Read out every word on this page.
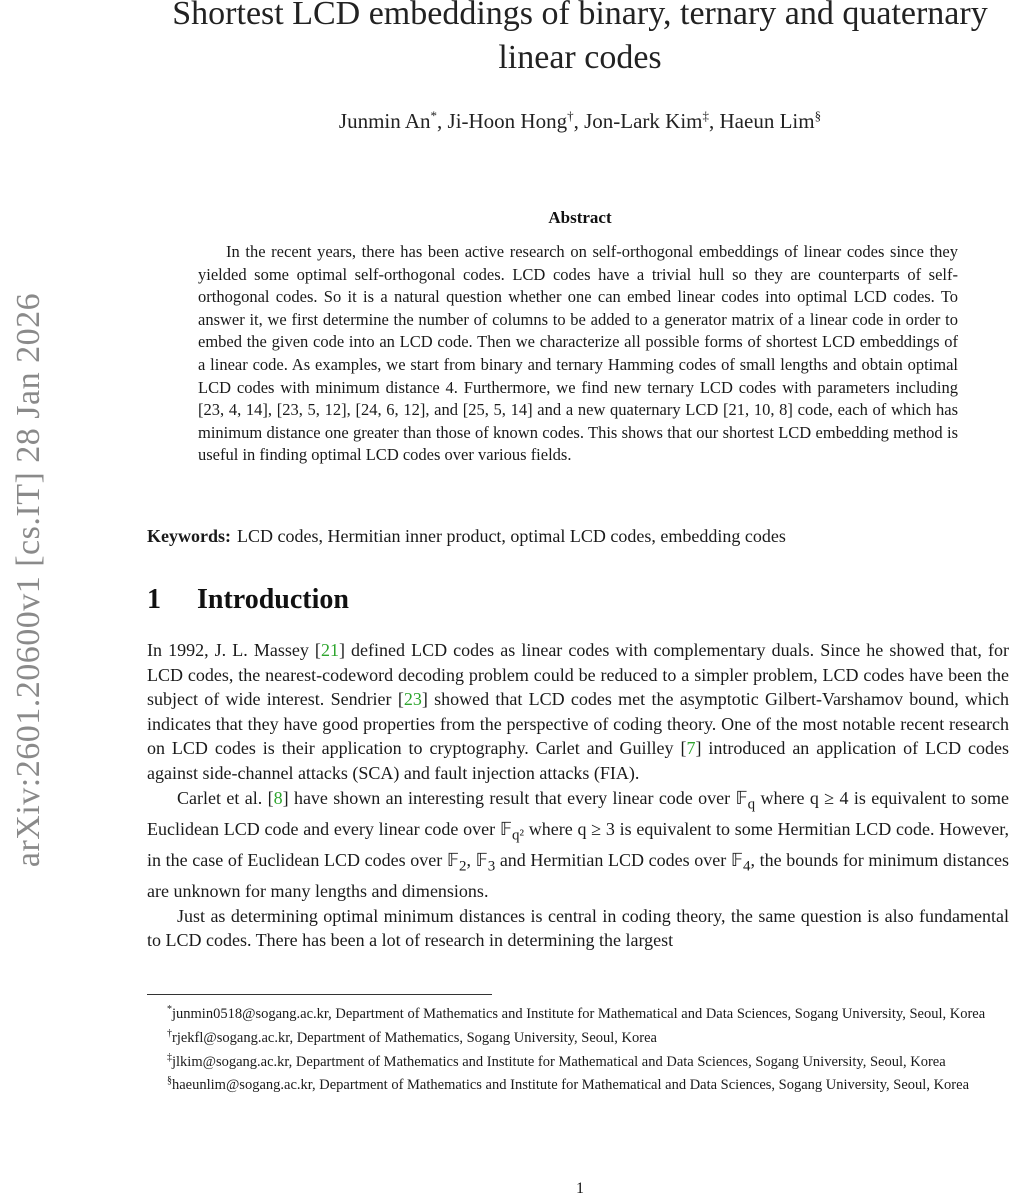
arXiv:2601.20600v1 [cs.IT] 28 Jan 2026
Shortest LCD embeddings of binary, ternary and quaternary linear codes
Junmin An*, Ji-Hoon Hong†, Jon-Lark Kim‡, Haeun Lim§
Abstract
In the recent years, there has been active research on self-orthogonal embeddings of linear codes since they yielded some optimal self-orthogonal codes. LCD codes have a trivial hull so they are counterparts of self-orthogonal codes. So it is a natural question whether one can embed linear codes into optimal LCD codes. To answer it, we first determine the number of columns to be added to a generator matrix of a linear code in order to embed the given code into an LCD code. Then we characterize all possible forms of shortest LCD embeddings of a linear code. As examples, we start from binary and ternary Hamming codes of small lengths and obtain optimal LCD codes with minimum distance 4. Furthermore, we find new ternary LCD codes with parameters including [23, 4, 14], [23, 5, 12], [24, 6, 12], and [25, 5, 14] and a new quaternary LCD [21, 10, 8] code, each of which has minimum distance one greater than those of known codes. This shows that our shortest LCD embedding method is useful in finding optimal LCD codes over various fields.
Keywords: LCD codes, Hermitian inner product, optimal LCD codes, embedding codes
1 Introduction

In 1992, J. L. Massey [21] defined LCD codes as linear codes with complementary duals. Since he showed that, for LCD codes, the nearest-codeword decoding problem could be reduced to a simpler problem, LCD codes have been the subject of wide interest. Sendrier [23] showed that LCD codes met the asymptotic Gilbert-Varshamov bound, which indicates that they have good properties from the perspective of coding theory. One of the most notable recent research on LCD codes is their application to cryptography. Carlet and Guilley [7] introduced an application of LCD codes against side-channel attacks (SCA) and fault injection attacks (FIA).

Carlet et al. [8] have shown an interesting result that every linear code over 𝔽$_q$ where q ≥ 4 is equivalent to some Euclidean LCD code and every linear code over 𝔽$_{q^2}$ where q ≥ 3 is equivalent to some Hermitian LCD code. However, in the case of Euclidean LCD codes over 𝔽$_2$, 𝔽$_3$ and Hermitian LCD codes over 𝔽$_4$, the bounds for minimum distances are unknown for many lengths and dimensions.

Just as determining optimal minimum distances is central in coding theory, the same question is also fundamental to LCD codes. There has been a lot of research in determining the largest

*junmin0518@sogang.ac.kr, Department of Mathematics and Institute for Mathematical and Data Sciences, Sogang University, Seoul, Korea

†rjekfl@sogang.ac.kr, Department of Mathematics, Sogang University, Seoul, Korea

‡jlkim@sogang.ac.kr, Department of Mathematics and Institute for Mathematical and Data Sciences, Sogang University, Seoul, Korea

§haeunlim@sogang.ac.kr, Department of Mathematics and Institute for Mathematical and Data Sciences, Sogang University, Seoul, Korea

1
